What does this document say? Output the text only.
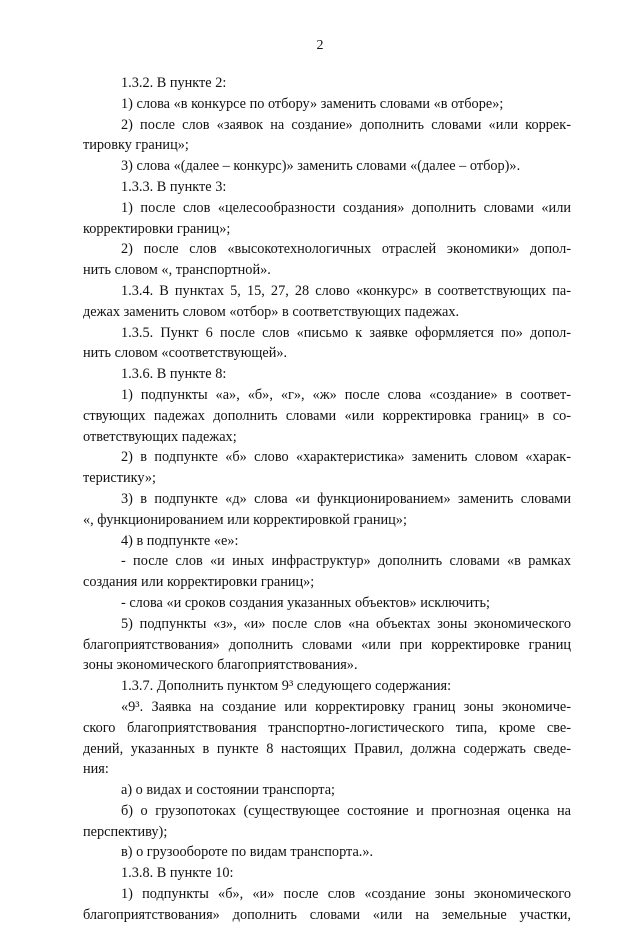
2
1.3.2. В пункте 2:
1) слова «в конкурсе по отбору» заменить словами «в отборе»;
2) после слов «заявок на создание» дополнить словами «или коррек-
тировку границ»;
3) слова «(далее – конкурс)» заменить словами «(далее – отбор)».
1.3.3. В пункте 3:
1) после слов «целесообразности создания» дополнить словами «или
корректировки границ»;
2) после слов «высокотехнологичных отраслей экономики» допол-
нить словом «, транспортной».
1.3.4. В пунктах 5, 15, 27, 28 слово «конкурс» в соответствующих па-
дежах заменить словом «отбор» в соответствующих падежах.
1.3.5. Пункт 6 после слов «письмо к заявке оформляется по» допол-
нить словом «соответствующей».
1.3.6. В пункте 8:
1) подпункты «а», «б», «г», «ж» после слова «создание» в соответ-
ствующих падежах дополнить словами «или корректировка границ» в со-
ответствующих падежах;
2) в подпункте «б» слово «характеристика» заменить словом «харак-
теристику»;
3) в подпункте «д» слова «и функционированием» заменить словами
«, функционированием или корректировкой границ»;
4) в подпункте «е»:
- после слов «и иных инфраструктур» дополнить словами «в рамках
создания или корректировки границ»;
- слова «и сроков создания указанных объектов» исключить;
5) подпункты «з», «и» после слов «на объектах зоны экономического
благоприятствования» дополнить словами «или при корректировке границ
зоны экономического благоприятствования».
1.3.7. Дополнить пунктом 9³ следующего содержания:
«9³. Заявка на создание или корректировку границ зоны экономиче-
ского благоприятствования транспортно-логистического типа, кроме све-
дений, указанных в пункте 8 настоящих Правил, должна содержать сведе-
ния:
а) о видах и состоянии транспорта;
б) о грузопотоках (существующее состояние и прогнозная оценка на
перспективу);
в) о грузообороте по видам транспорта.».
1.3.8. В пункте 10:
1) подпункты «б», «и» после слов «создание зоны экономического
благоприятствования» дополнить словами «или на земельные участки,
